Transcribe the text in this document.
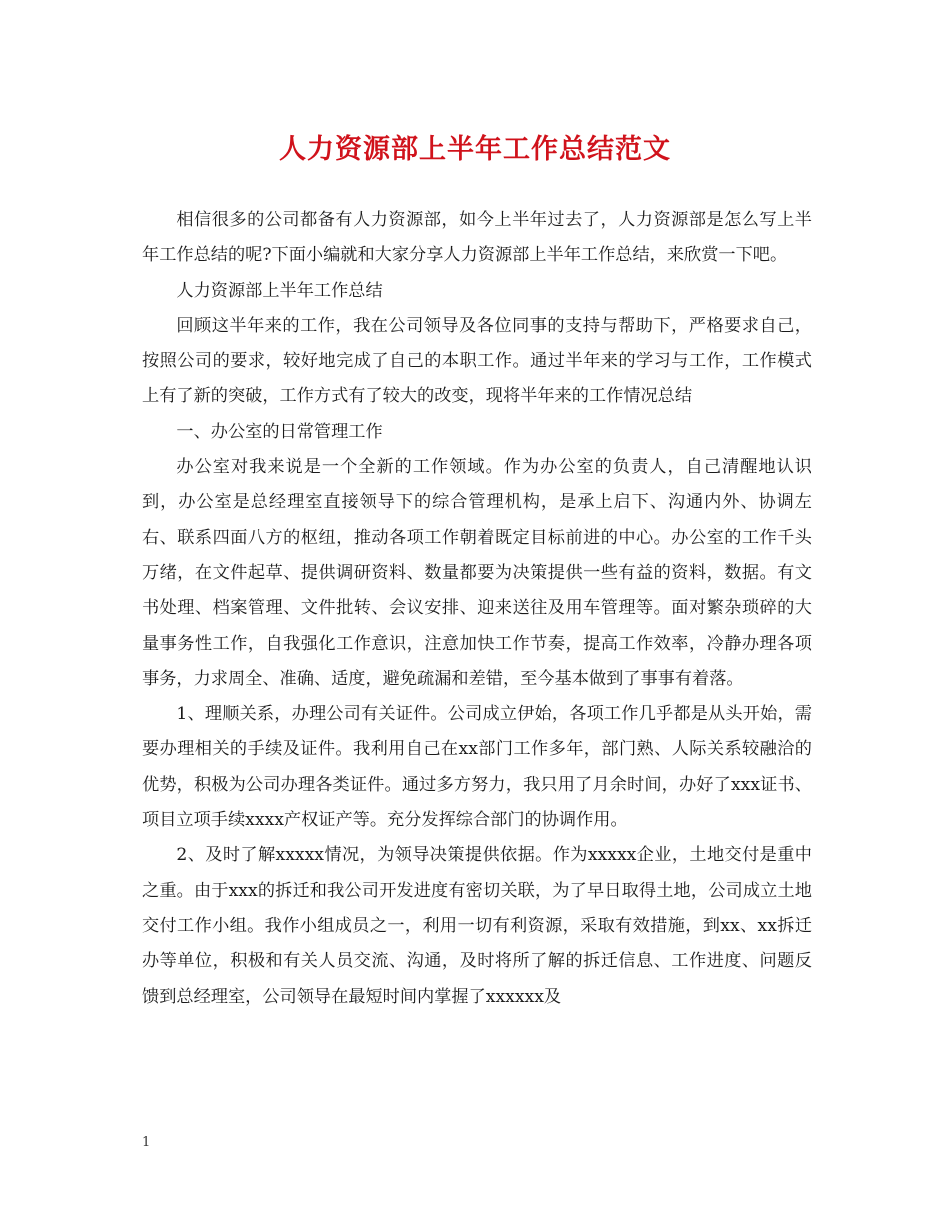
人力资源部上半年工作总结范文

相信很多的公司都备有人力资源部，如今上半年过去了，人力资源部是怎么写上半年工作总结的呢?下面小编就和大家分享人力资源部上半年工作总结，来欣赏一下吧。

人力资源部上半年工作总结

回顾这半年来的工作，我在公司领导及各位同事的支持与帮助下，严格要求自己，按照公司的要求，较好地完成了自己的本职工作。通过半年来的学习与工作，工作模式上有了新的突破，工作方式有了较大的改变，现将半年来的工作情况总结

一、办公室的日常管理工作

办公室对我来说是一个全新的工作领域。作为办公室的负责人，自己清醒地认识到，办公室是总经理室直接领导下的综合管理机构，是承上启下、沟通内外、协调左右、联系四面八方的枢纽，推动各项工作朝着既定目标前进的中心。办公室的工作千头万绪，在文件起草、提供调研资料、数量都要为决策提供一些有益的资料，数据。有文书处理、档案管理、文件批转、会议安排、迎来送往及用车管理等。面对繁杂琐碎的大量事务性工作，自我强化工作意识，注意加快工作节奏，提高工作效率，冷静办理各项事务，力求周全、准确、适度，避免疏漏和差错，至今基本做到了事事有着落。

1、理顺关系，办理公司有关证件。公司成立伊始，各项工作几乎都是从头开始，需要办理相关的手续及证件。我利用自己在xx部门工作多年，部门熟、人际关系较融洽的优势，积极为公司办理各类证件。通过多方努力，我只用了月余时间，办好了xxx证书、项目立项手续xxxx产权证产等。充分发挥综合部门的协调作用。

2、及时了解xxxxx情况，为领导决策提供依据。作为xxxxx企业，土地交付是重中之重。由于xxx的拆迁和我公司开发进度有密切关联，为了早日取得土地，公司成立土地交付工作小组。我作小组成员之一，利用一切有利资源，采取有效措施，到xx、xx拆迁办等单位，积极和有关人员交流、沟通，及时将所了解的拆迁信息、工作进度、问题反馈到总经理室，公司领导在最短时间内掌握了xxxxxx及

1
